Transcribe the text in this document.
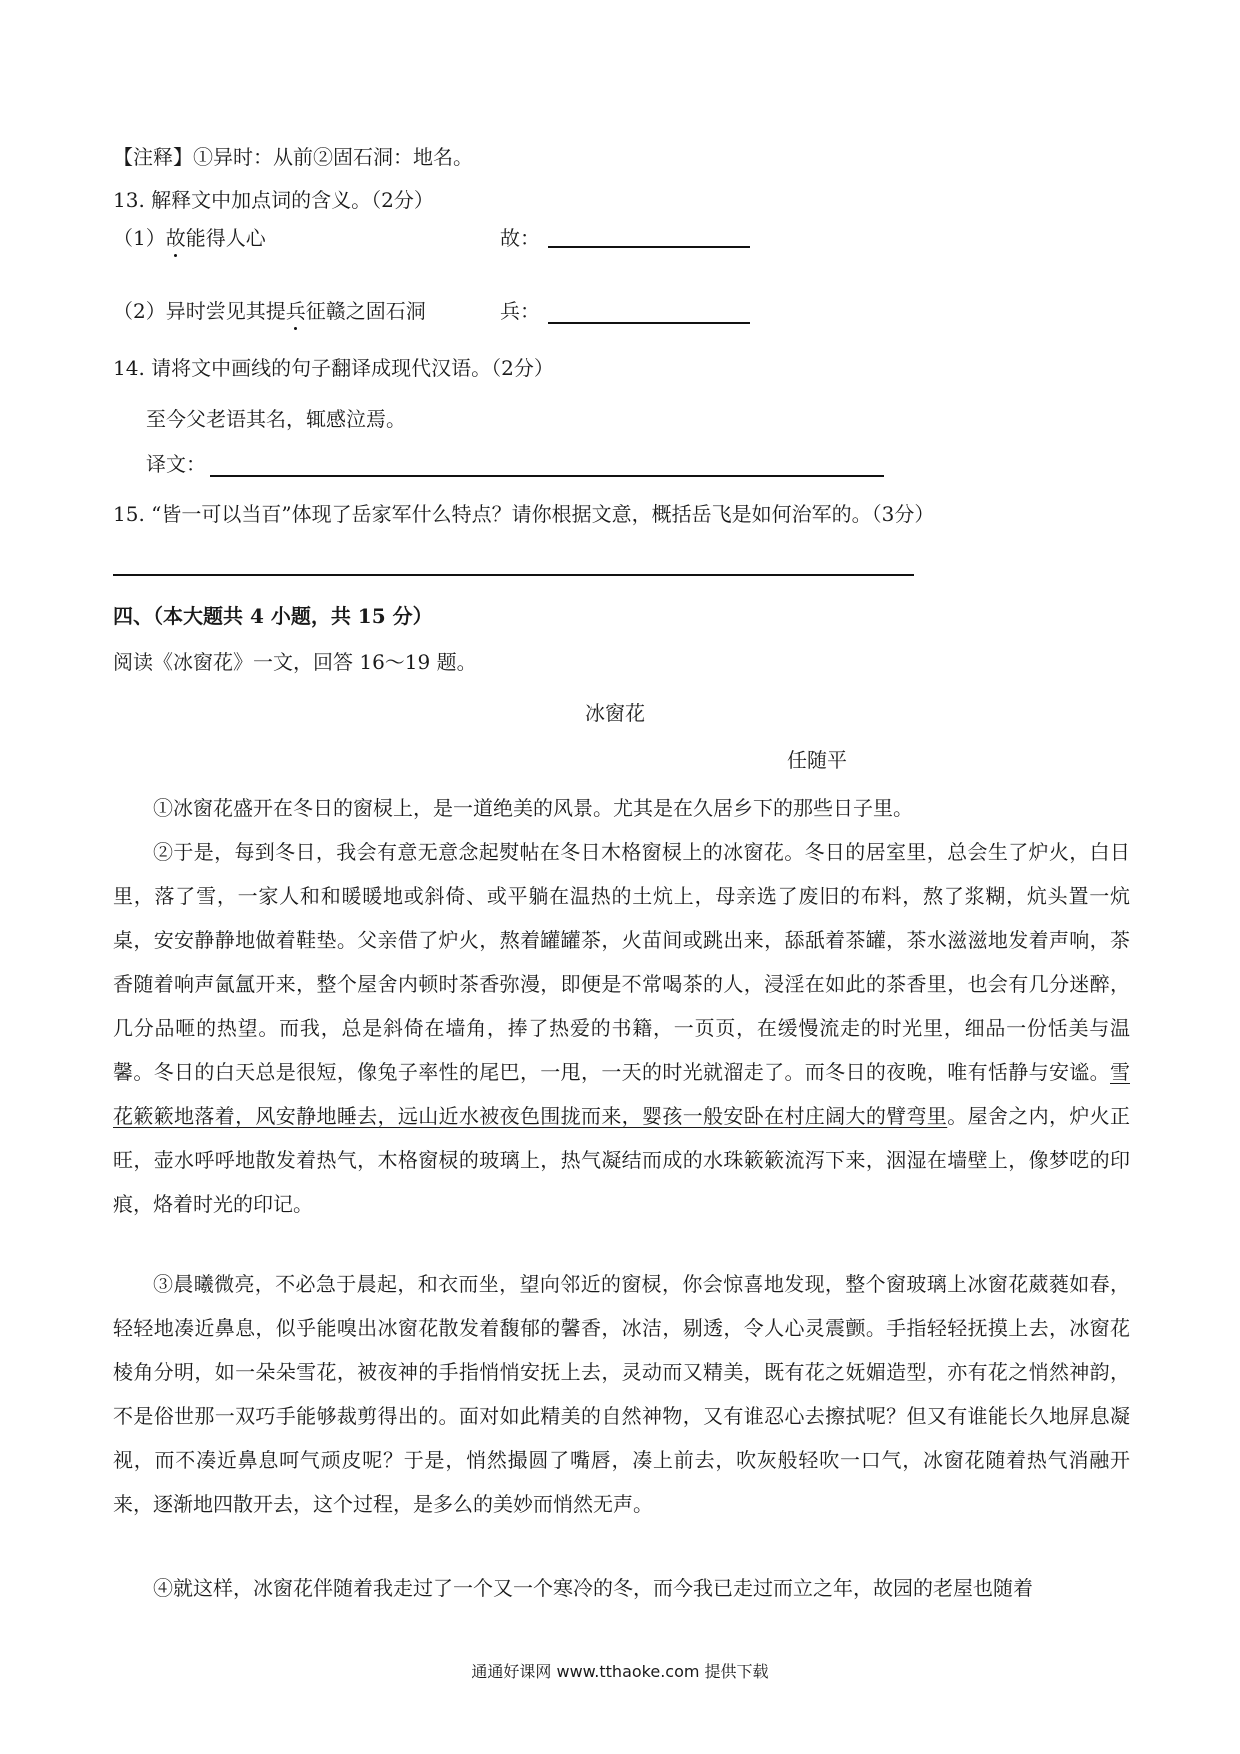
【注释】①异时：从前②固石洞：地名。
13. 解释文中加点词的含义。（2分）
（1）故能得人心	故：
（2）异时尝见其提兵征赣之固石洞	兵：
14. 请将文中画线的句子翻译成现代汉语。（2分）
至今父老语其名，辄感泣焉。
译文：
15. “皆一可以当百”体现了岳家军什么特点？请你根据文意，概括岳飞是如何治军的。（3分）
四、（本大题共 4 小题，共 15 分）
阅读《冰窗花》一文，回答 16～19 题。
冰窗花
任随平
①冰窗花盛开在冬日的窗棂上，是一道绝美的风景。尤其是在久居乡下的那些日子里。
②于是，每到冬日，我会有意无意念起熨帖在冬日木格窗棂上的冰窗花。冬日的居室里，总会生了炉火，白日里，落了雪，一家人和和暖暖地或斜倚、或平躺在温热的土炕上，母亲选了废旧的布料，熬了浆糊，炕头置一炕桌，安安静静地做着鞋垫。父亲借了炉火，熬着罐罐茶，火苗间或跳出来，舔舐着茶罐，茶水滋滋地发着声响，茶香随着响声氤氲开来，整个屋舍内顿时茶香弥漫，即便是不常喝茶的人，浸淫在如此的茶香里，也会有几分迷醉，几分品咂的热望。而我，总是斜倚在墙角，捧了热爱的书籍，一页页，在缓慢流走的时光里，细品一份恬美与温馨。冬日的白天总是很短，像兔子率性的尾巴，一甩，一天的时光就溜走了。而冬日的夜晚，唯有恬静与安谧。雪花簌簌地落着，风安静地睡去，远山近水被夜色围拢而来，婴孩一般安卧在村庄阔大的臂弯里。屋舍之内，炉火正旺，壶水呼呼地散发着热气，木格窗棂的玻璃上，热气凝结而成的水珠簌簌流泻下来，洇湿在墙壁上，像梦呓的印痕，烙着时光的印记。
③晨曦微亮，不必急于晨起，和衣而坐，望向邻近的窗棂，你会惊喜地发现，整个窗玻璃上冰窗花葳蕤如春，轻轻地凑近鼻息，似乎能嗅出冰窗花散发着馥郁的馨香，冰洁，剔透，令人心灵震颤。手指轻轻抚摸上去，冰窗花棱角分明，如一朵朵雪花，被夜神的手指悄悄安抚上去，灵动而又精美，既有花之妩媚造型，亦有花之悄然神韵，不是俗世那一双巧手能够裁剪得出的。面对如此精美的自然神物，又有谁忍心去擦拭呢？但又有谁能长久地屏息凝视，而不凑近鼻息呵气顽皮呢？于是，悄然撮圆了嘴唇，凑上前去，吹灰般轻吹一口气，冰窗花随着热气消融开来，逐渐地四散开去，这个过程，是多么的美妙而悄然无声。
④就这样，冰窗花伴随着我走过了一个又一个寒冷的冬，而今我已走过而立之年，故园的老屋也随着
通通好课网 www.tthaoke.com 提供下载
